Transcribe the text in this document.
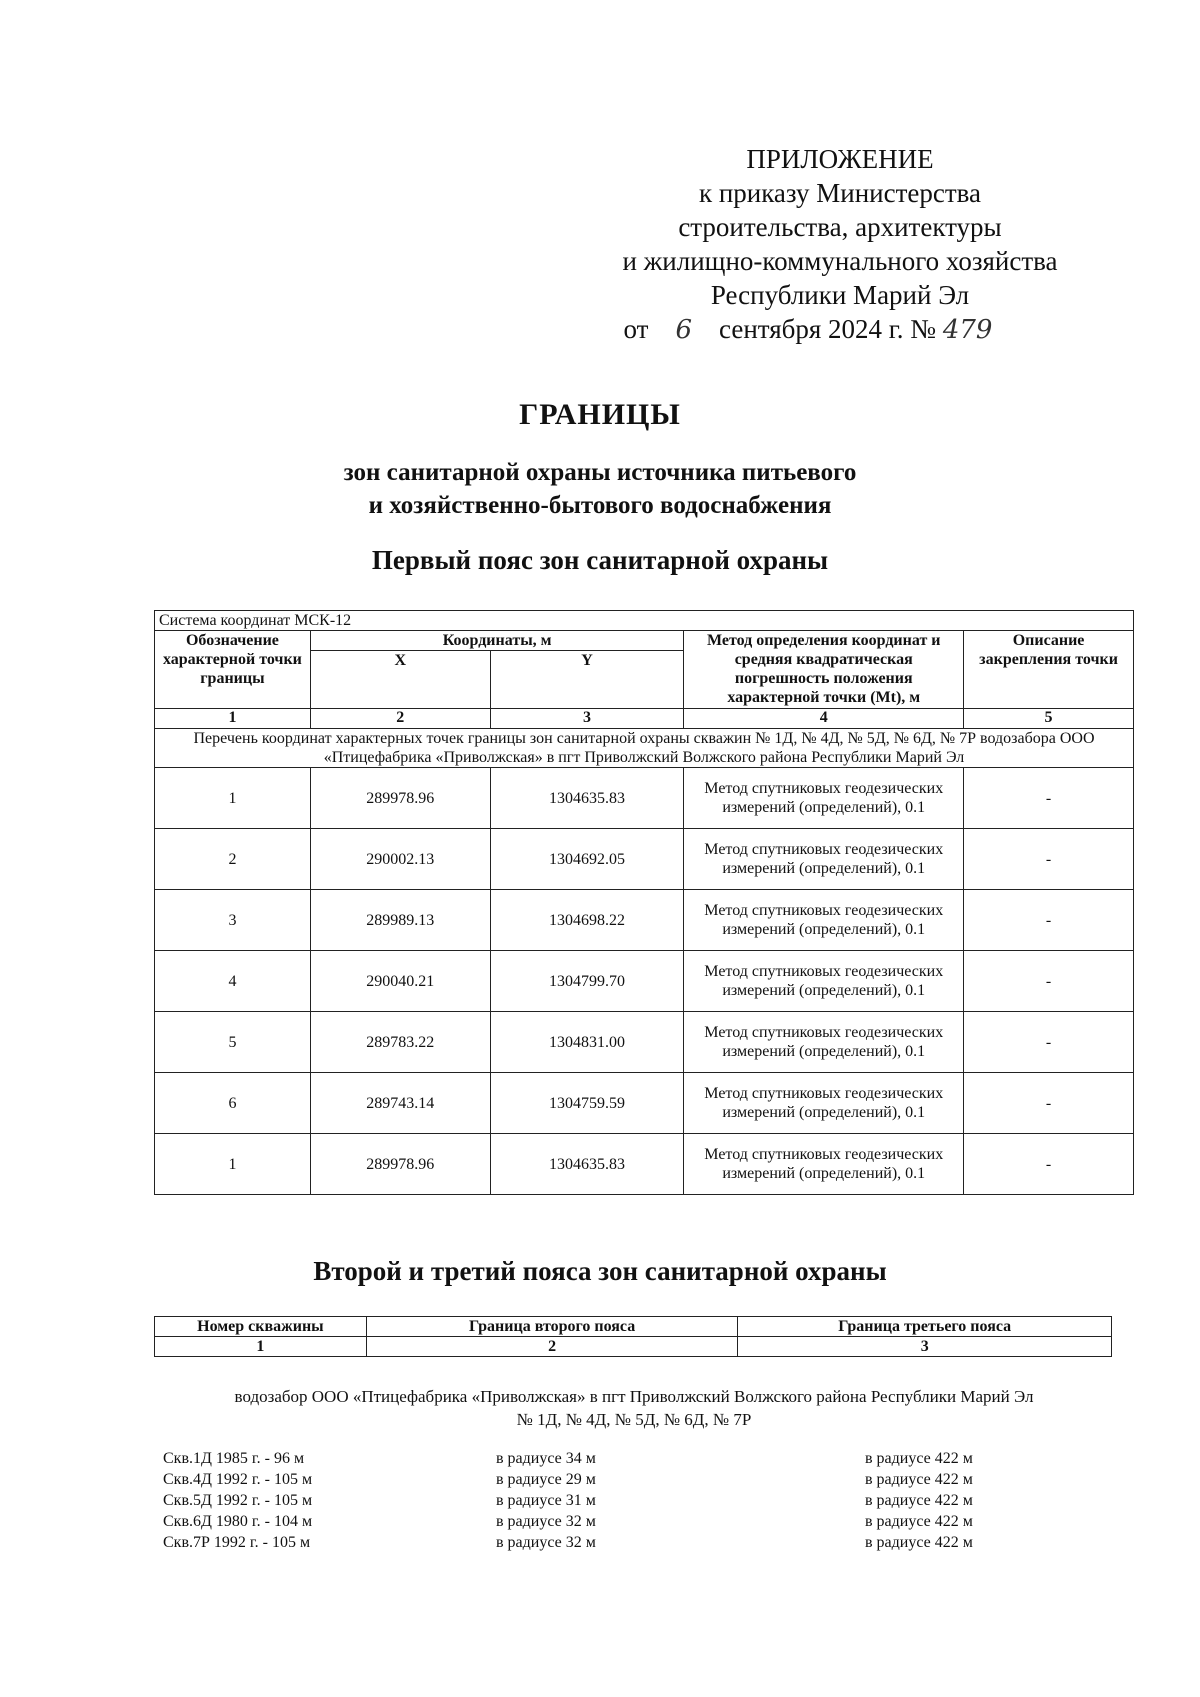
ПРИЛОЖЕНИЕ
к приказу Министерства
строительства, архитектуры
и жилищно-коммунального хозяйства
Республики Марий Эл
от 6 сентября 2024 г. № 479
ГРАНИЦЫ
зон санитарной охраны источника питьевого
и хозяйственно-бытового водоснабжения
Первый пояс зон санитарной охраны
Система координат МСК-12				
Обозначение характерной точки границы	Координаты, м		Метод определения координат и средняя квадратическая погрешность положения характерной точки (Mt), м	Описание закрепления точки
	X	Y		
1	2	3	4	5
Перечень координат характерных точек границы зон санитарной охраны скважин № 1Д, № 4Д, № 5Д, № 6Д, № 7Р водозабора ООО «Птицефабрика «Приволжская» в пгт Приволжский Волжского района Республики Марий Эл				
1	289978.96	1304635.83	Метод спутниковых геодезических измерений (определений), 0.1	-
2	290002.13	1304692.05	Метод спутниковых геодезических измерений (определений), 0.1	-
3	289989.13	1304698.22	Метод спутниковых геодезических измерений (определений), 0.1	-
4	290040.21	1304799.70	Метод спутниковых геодезических измерений (определений), 0.1	-
5	289783.22	1304831.00	Метод спутниковых геодезических измерений (определений), 0.1	-
6	289743.14	1304759.59	Метод спутниковых геодезических измерений (определений), 0.1	-
1	289978.96	1304635.83	Метод спутниковых геодезических измерений (определений), 0.1	-
Второй и третий пояса зон санитарной охраны
Номер скважины	Граница второго пояса	Граница третьего пояса
1	2	3
водозабор ООО «Птицефабрика «Приволжская» в пгт Приволжский Волжского района Республики Марий Эл
№ 1Д, № 4Д, № 5Д, № 6Д, № 7Р
Скв.1Д 1985 г. - 96 м	в радиусе 34 м	в радиусе 422 м
Скв.4Д 1992 г. - 105 м	в радиусе 29 м	в радиусе 422 м
Скв.5Д 1992 г. - 105 м	в радиусе 31 м	в радиусе 422 м
Скв.6Д 1980 г. - 104 м	в радиусе 32 м	в радиусе 422 м
Скв.7Р 1992 г. - 105 м	в радиусе 32 м	в радиусе 422 м
